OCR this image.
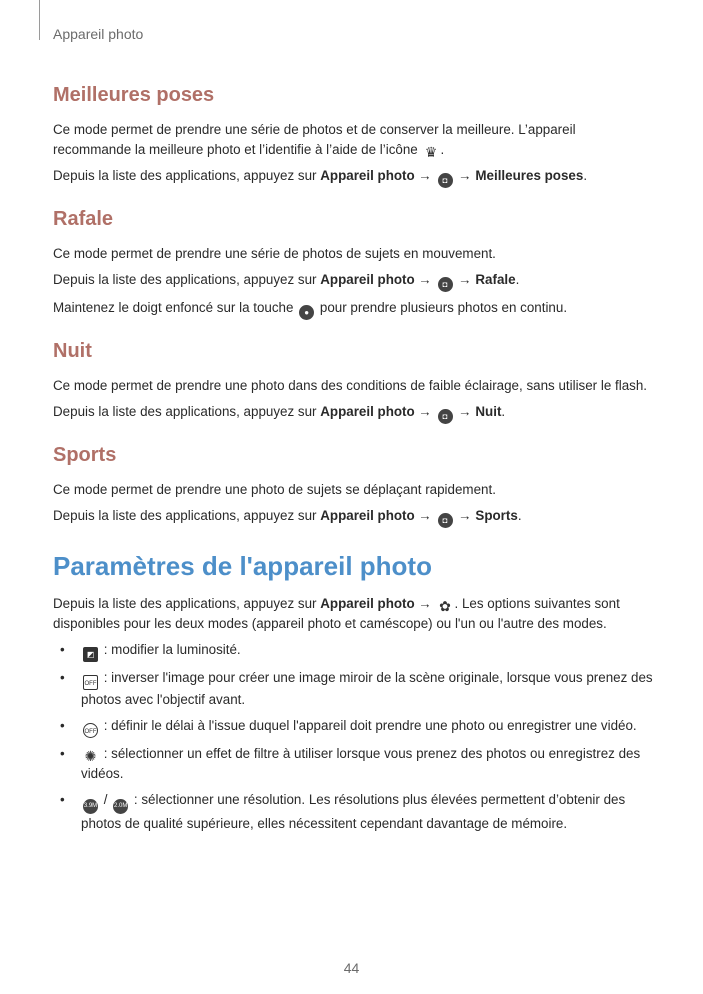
Appareil photo
Meilleures poses

Ce mode permet de prendre une série de photos et de conserver la meilleure. L’appareil recommande la meilleure photo et l’identifie à l’aide de l’icône ♛ .

Depuis la liste des applications, appuyez sur Appareil photo → ◘ → Meilleures poses.

Rafale

Ce mode permet de prendre une série de photos de sujets en mouvement.

Depuis la liste des applications, appuyez sur Appareil photo → ◘ → Rafale.

Maintenez le doigt enfoncé sur la touche ● pour prendre plusieurs photos en continu.

Nuit

Ce mode permet de prendre une photo dans des conditions de faible éclairage, sans utiliser le flash.

Depuis la liste des applications, appuyez sur Appareil photo → ◘ → Nuit.

Sports

Ce mode permet de prendre une photo de sujets se déplaçant rapidement.

Depuis la liste des applications, appuyez sur Appareil photo → ◘ → Sports.

Paramètres de l'appareil photo

Depuis la liste des applications, appuyez sur Appareil photo → ✿ . Les options suivantes sont disponibles pour les deux modes (appareil photo et caméscope) ou l'un ou l'autre des modes.

•	◩ : modifier la luminosité.
•	OFF : inverser l'image pour créer une image miroir de la scène originale, lorsque vous prenez des photos avec l'objectif avant.
•	OFF : définir le délai à l'issue duquel l'appareil doit prendre une photo ou enregistrer une vidéo.
• ✺ : sélectionner un effet de filtre à utiliser lorsque vous prenez des photos ou enregistrez des vidéos.
•	3.9M / 2.0M : sélectionner une résolution. Les résolutions plus élevées permettent d’obtenir des photos de qualité supérieure, elles nécessitent cependant davantage de mémoire.
44
